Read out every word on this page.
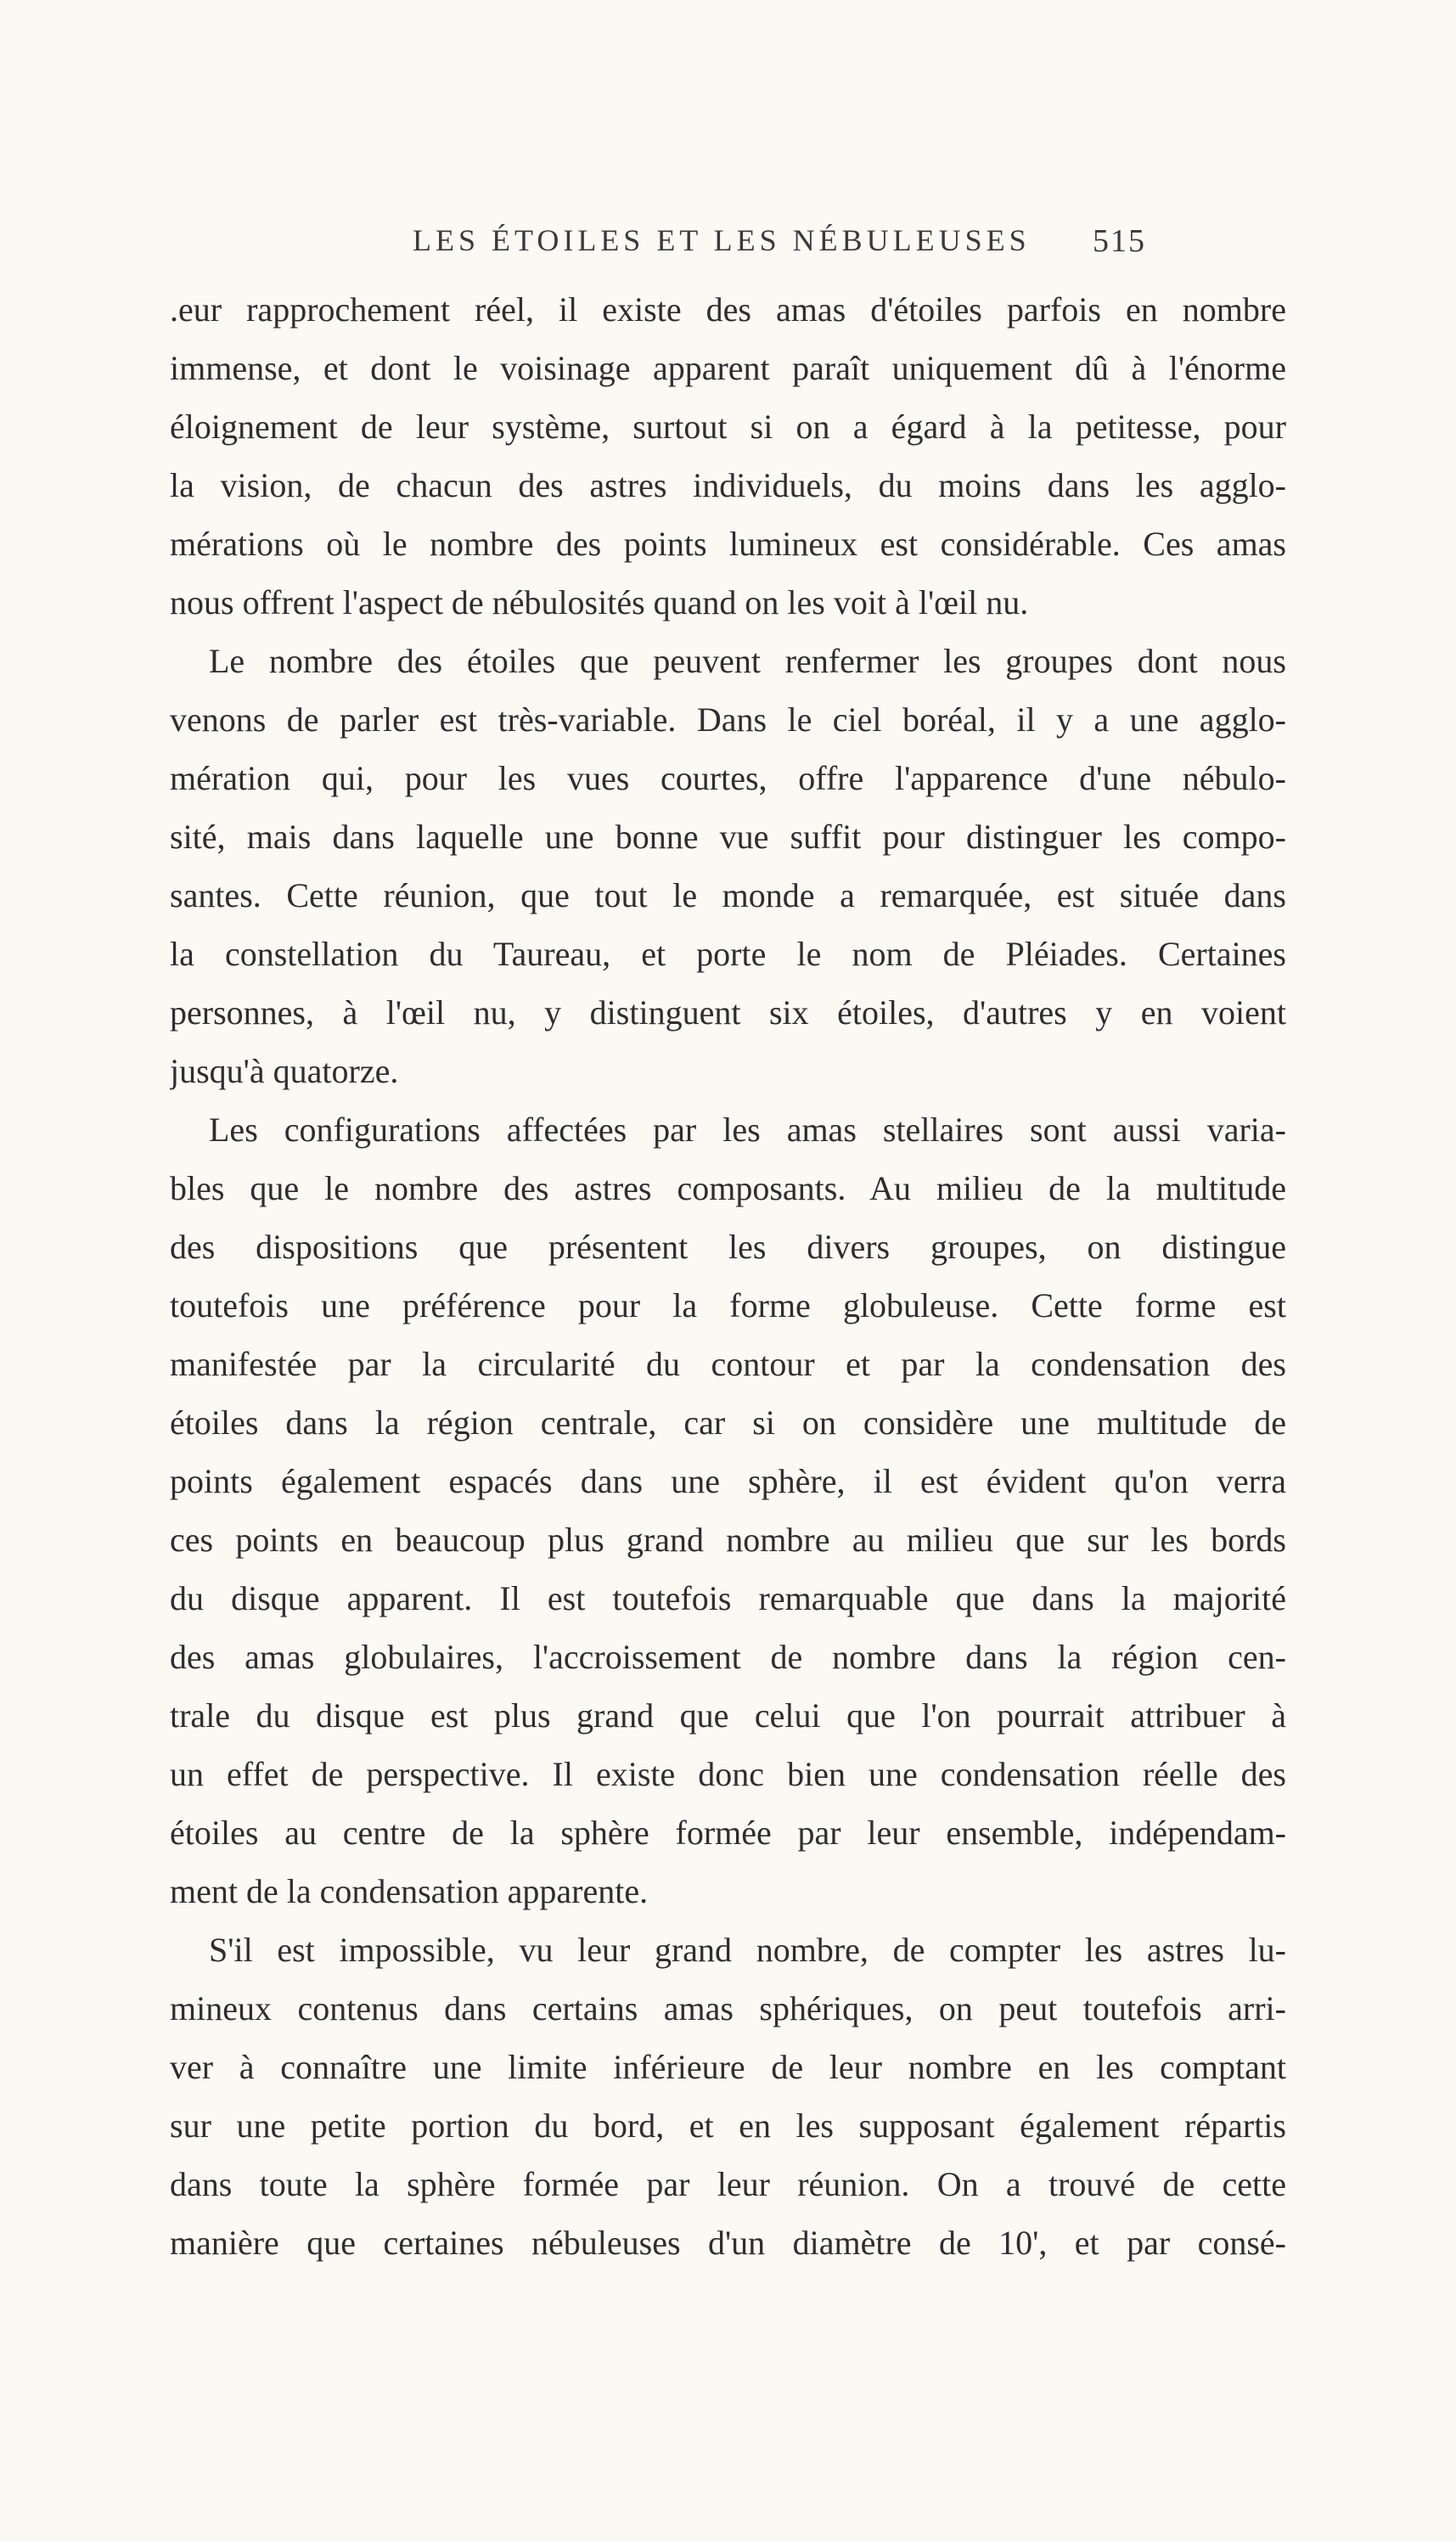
LES ÉTOILES ET LES NÉBULEUSES 515
.eur rapprochement réel, il existe des amas d'étoiles parfois en nombre
immense, et dont le voisinage apparent paraît uniquement dû à l'énorme
éloignement de leur système, surtout si on a égard à la petitesse, pour
la vision, de chacun des astres individuels, du moins dans les agglo-
mérations où le nombre des points lumineux est considérable. Ces amas
nous offrent l'aspect de nébulosités quand on les voit à l'œil nu.
Le nombre des étoiles que peuvent renfermer les groupes dont nous
venons de parler est très-variable. Dans le ciel boréal, il y a une agglo-
mération qui, pour les vues courtes, offre l'apparence d'une nébulo-
sité, mais dans laquelle une bonne vue suffit pour distinguer les compo-
santes. Cette réunion, que tout le monde a remarquée, est située dans
la constellation du Taureau, et porte le nom de Pléiades. Certaines
personnes, à l'œil nu, y distinguent six étoiles, d'autres y en voient
jusqu'à quatorze.
Les configurations affectées par les amas stellaires sont aussi varia-
bles que le nombre des astres composants. Au milieu de la multitude
des dispositions que présentent les divers groupes, on distingue
toutefois une préférence pour la forme globuleuse. Cette forme est
manifestée par la circularité du contour et par la condensation des
étoiles dans la région centrale, car si on considère une multitude de
points également espacés dans une sphère, il est évident qu'on verra
ces points en beaucoup plus grand nombre au milieu que sur les bords
du disque apparent. Il est toutefois remarquable que dans la majorité
des amas globulaires, l'accroissement de nombre dans la région cen-
trale du disque est plus grand que celui que l'on pourrait attribuer à
un effet de perspective. Il existe donc bien une condensation réelle des
étoiles au centre de la sphère formée par leur ensemble, indépendam-
ment de la condensation apparente.
S'il est impossible, vu leur grand nombre, de compter les astres lu-
mineux contenus dans certains amas sphériques, on peut toutefois arri-
ver à connaître une limite inférieure de leur nombre en les comptant
sur une petite portion du bord, et en les supposant également répartis
dans toute la sphère formée par leur réunion. On a trouvé de cette
manière que certaines nébuleuses d'un diamètre de 10', et par consé-
